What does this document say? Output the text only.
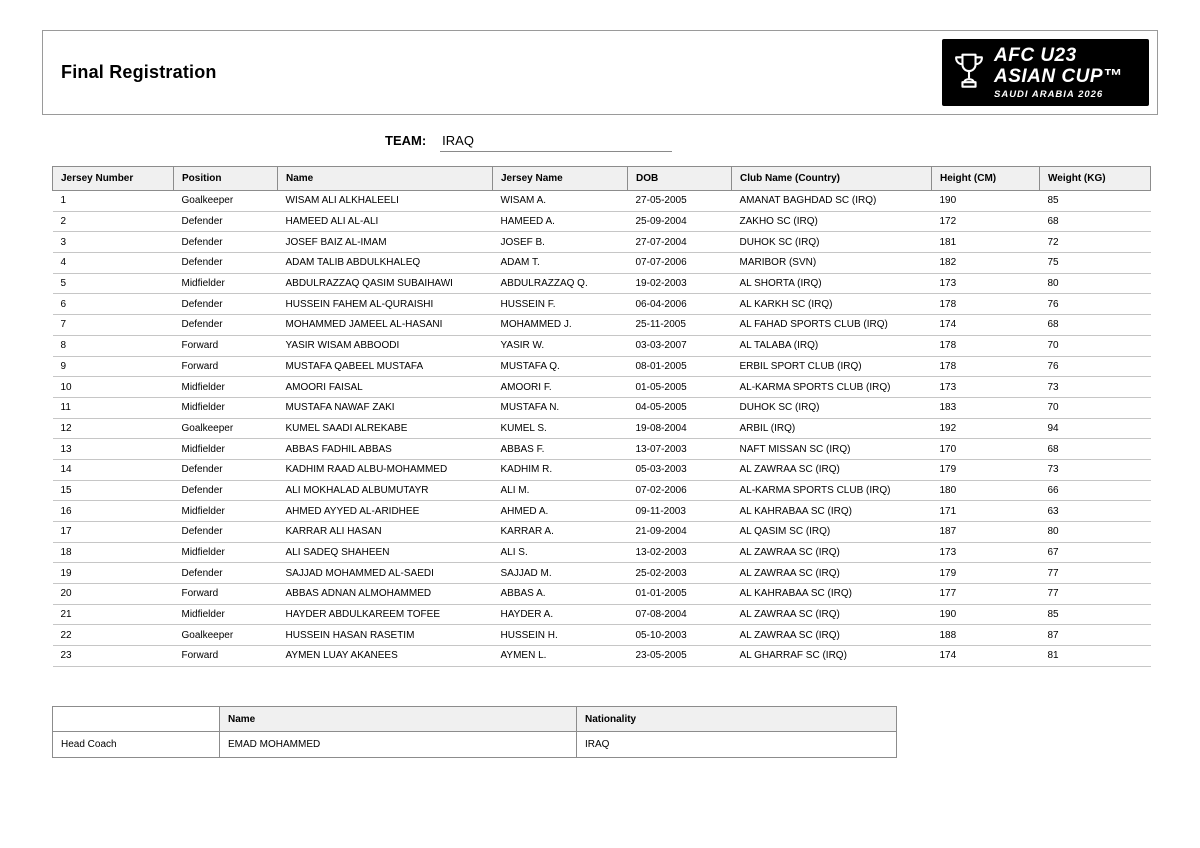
Final Registration
AFC U23
ASIAN CUP™
SAUDI ARABIA 2026
TEAM: IRAQ
Jersey Number	Position	Name	Jersey Name	DOB	Club Name (Country)	Height (CM)	Weight (KG)
1	Goalkeeper	WISAM ALI ALKHALEELI	WISAM A.	27-05-2005	AMANAT BAGHDAD SC (IRQ)	190	85
2	Defender	HAMEED ALI AL-ALI	HAMEED A.	25-09-2004	ZAKHO SC (IRQ)	172	68
3	Defender	JOSEF BAIZ AL-IMAM	JOSEF B.	27-07-2004	DUHOK SC (IRQ)	181	72
4	Defender	ADAM TALIB ABDULKHALEQ	ADAM T.	07-07-2006	MARIBOR (SVN)	182	75
5	Midfielder	ABDULRAZZAQ QASIM SUBAIHAWI	ABDULRAZZAQ Q.	19-02-2003	AL SHORTA (IRQ)	173	80
6	Defender	HUSSEIN FAHEM AL-QURAISHI	HUSSEIN F.	06-04-2006	AL KARKH SC (IRQ)	178	76
7	Defender	MOHAMMED JAMEEL AL-HASANI	MOHAMMED J.	25-11-2005	AL FAHAD SPORTS CLUB (IRQ)	174	68
8	Forward	YASIR WISAM ABBOODI	YASIR W.	03-03-2007	AL TALABA (IRQ)	178	70
9	Forward	MUSTAFA QABEEL MUSTAFA	MUSTAFA Q.	08-01-2005	ERBIL SPORT CLUB (IRQ)	178	76
10	Midfielder	AMOORI FAISAL	AMOORI F.	01-05-2005	AL-KARMA SPORTS CLUB (IRQ)	173	73
11	Midfielder	MUSTAFA NAWAF ZAKI	MUSTAFA N.	04-05-2005	DUHOK SC (IRQ)	183	70
12	Goalkeeper	KUMEL SAADI ALREKABE	KUMEL S.	19-08-2004	ARBIL (IRQ)	192	94
13	Midfielder	ABBAS FADHIL ABBAS	ABBAS F.	13-07-2003	NAFT MISSAN SC (IRQ)	170	68
14	Defender	KADHIM RAAD ALBU-MOHAMMED	KADHIM R.	05-03-2003	AL ZAWRAA SC (IRQ)	179	73
15	Defender	ALI MOKHALAD ALBUMUTAYR	ALI M.	07-02-2006	AL-KARMA SPORTS CLUB (IRQ)	180	66
16	Midfielder	AHMED AYYED AL-ARIDHEE	AHMED A.	09-11-2003	AL KAHRABAA SC (IRQ)	171	63
17	Defender	KARRAR ALI HASAN	KARRAR A.	21-09-2004	AL QASIM SC (IRQ)	187	80
18	Midfielder	ALI SADEQ SHAHEEN	ALI S.	13-02-2003	AL ZAWRAA SC (IRQ)	173	67
19	Defender	SAJJAD MOHAMMED AL-SAEDI	SAJJAD M.	25-02-2003	AL ZAWRAA SC (IRQ)	179	77
20	Forward	ABBAS ADNAN ALMOHAMMED	ABBAS A.	01-01-2005	AL KAHRABAA SC (IRQ)	177	77
21	Midfielder	HAYDER ABDULKAREEM TOFEE	HAYDER A.	07-08-2004	AL ZAWRAA SC (IRQ)	190	85
22	Goalkeeper	HUSSEIN HASAN RASETIM	HUSSEIN H.	05-10-2003	AL ZAWRAA SC (IRQ)	188	87
23	Forward	AYMEN LUAY AKANEES	AYMEN L.	23-05-2005	AL GHARRAF SC (IRQ)	174	81
	Name	Nationality
Head Coach	EMAD MOHAMMED	IRAQ
